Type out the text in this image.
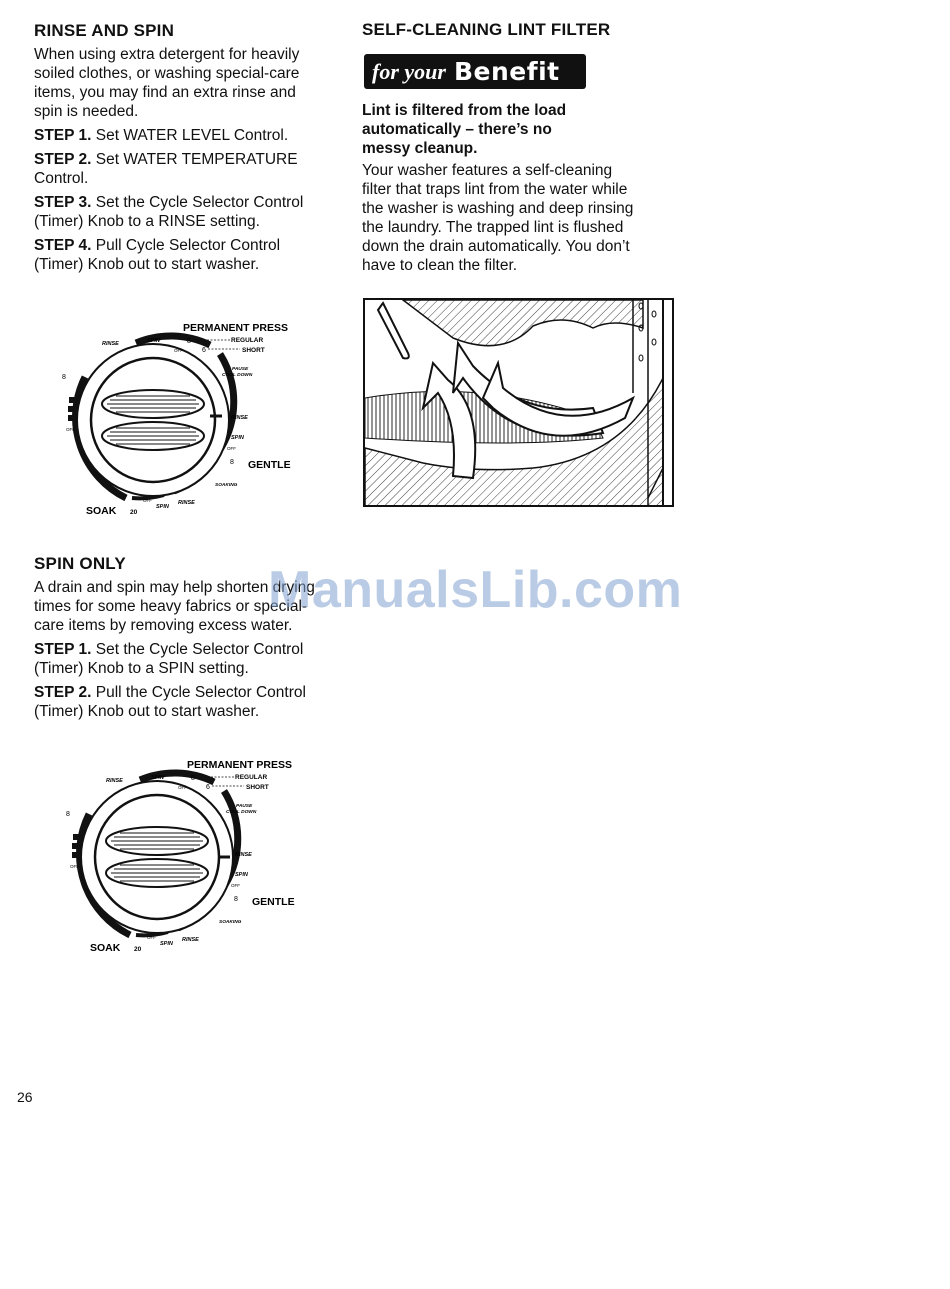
RINSE AND SPIN

When using extra detergent for heavily

soiled clothes, or washing special-care

items, you may find an extra rinse and

spin is needed.

STEP 1. Set WATER LEVEL Control.

STEP 2. Set WATER TEMPERATURE

Control.

STEP 3. Set the Cycle Selector Control

(Timer) Knob to a RINSE setting.

STEP 4. Pull Cycle Selector Control

(Timer) Knob out to start washer.

PERMANENT PRESS
8	REGULAR
6	SHORT
PAUSE
COOL DOWN
RINSE	SPIN
OFF
8
OFF
RINSE
SPIN
OFF
8 GENTLE
SOAKING
OFF
SPIN
RINSE
SOAK 20
SPIN ONLY

A drain and spin may help shorten drying

times for some heavy fabrics or special-

care items by removing excess water.

STEP 1. Set the Cycle Selector Control

(Timer) Knob to a SPIN setting.

STEP 2. Pull the Cycle Selector Control

(Timer) Knob out to start washer.

PERMANENT PRESS
8	REGULAR
6	SHORT
PAUSE
COOL DOWN
RINSE	SPIN
OFF
8
OFF
RINSE
SPIN
OFF
8 GENTLE
SOAKING
OFF
SPIN
RINSE
SOAK 20
SELF-CLEANING LINT FILTER
for your Benefit

Lint is filtered from the load

automatically – there’s no

messy cleanup.

Your washer features a self-cleaning

filter that traps lint from the water while

the washer is washing and deep rinsing

the laundry. The trapped lint is flushed

down the drain automatically. You don’t

have to clean the filter.

ManualsLib.com
26
